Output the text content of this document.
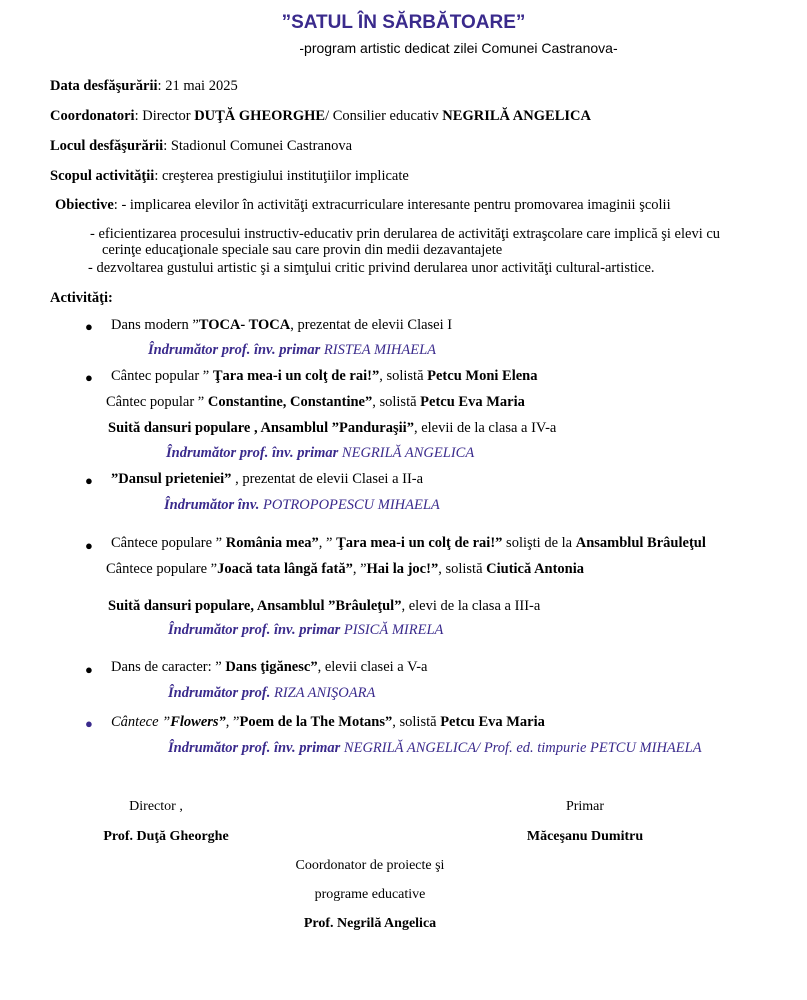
”SATUL ÎN SĂRBĂTOARE”
-program artistic dedicat zilei Comunei Castranova-
Data desfăşurării: 21 mai 2025
Coordonatori: Director DUŢĂ GHEORGHE/ Consilier educativ NEGRILĂ ANGELICA
Locul desfăşurării: Stadionul Comunei Castranova
Scopul activităţii: creşterea prestigiului instituţiilor implicate
Obiective: - implicarea elevilor în activităţi extracurriculare interesante pentru promovarea imaginii şcolii
- eficientizarea procesului instructiv-educativ prin derularea de activităţi extraşcolare care implică şi elevi cu
cerinţe educaţionale speciale sau care provin din medii dezavantajete
- dezvoltarea gustului artistic şi a simţului critic privind derularea unor activităţi cultural-artistice.
Activităţi:
● Dans modern ”TOCA- TOCA, prezentat de elevii Clasei I
Îndrumător prof. înv. primar RISTEA MIHAELA
● Cântec popular ” Ţara mea-i un colţ de rai!”, solistă Petcu Moni Elena
Cântec popular ” Constantine, Constantine”, solistă Petcu Eva Maria
Suită dansuri populare , Ansamblul ”Panduraşii”, elevii de la clasa a IV-a
Îndrumător prof. înv. primar NEGRILĂ ANGELICA
● ”Dansul prieteniei” , prezentat de elevii Clasei a II-a
Îndrumător înv. POTROPOPESCU MIHAELA
● Cântece populare ” România mea”, ” Ţara mea-i un colţ de rai!” solişti de la Ansamblul Brâuleţul
Cântece populare ”Joacă tata lângă fată”, ”Hai la joc!”, solistă Ciutică Antonia
Suită dansuri populare, Ansamblul ”Brâuleţul”, elevi de la clasa a III-a
Îndrumător prof. înv. primar PISICĂ MIRELA
● Dans de caracter: ” Dans ţigănesc”, elevii clasei a V-a
Îndrumător prof. RIZA ANIŞOARA
● Cântece ”Flowers”, ”Poem de la The Motans”, solistă Petcu Eva Maria
Îndrumător prof. înv. primar NEGRILĂ ANGELICA/ Prof. ed. timpurie PETCU MIHAELA
Director ,
Prof. Duţă Gheorghe
Primar
Măceşanu Dumitru
Coordonator de proiecte şi
programe educative
Prof. Negrilă Angelica
